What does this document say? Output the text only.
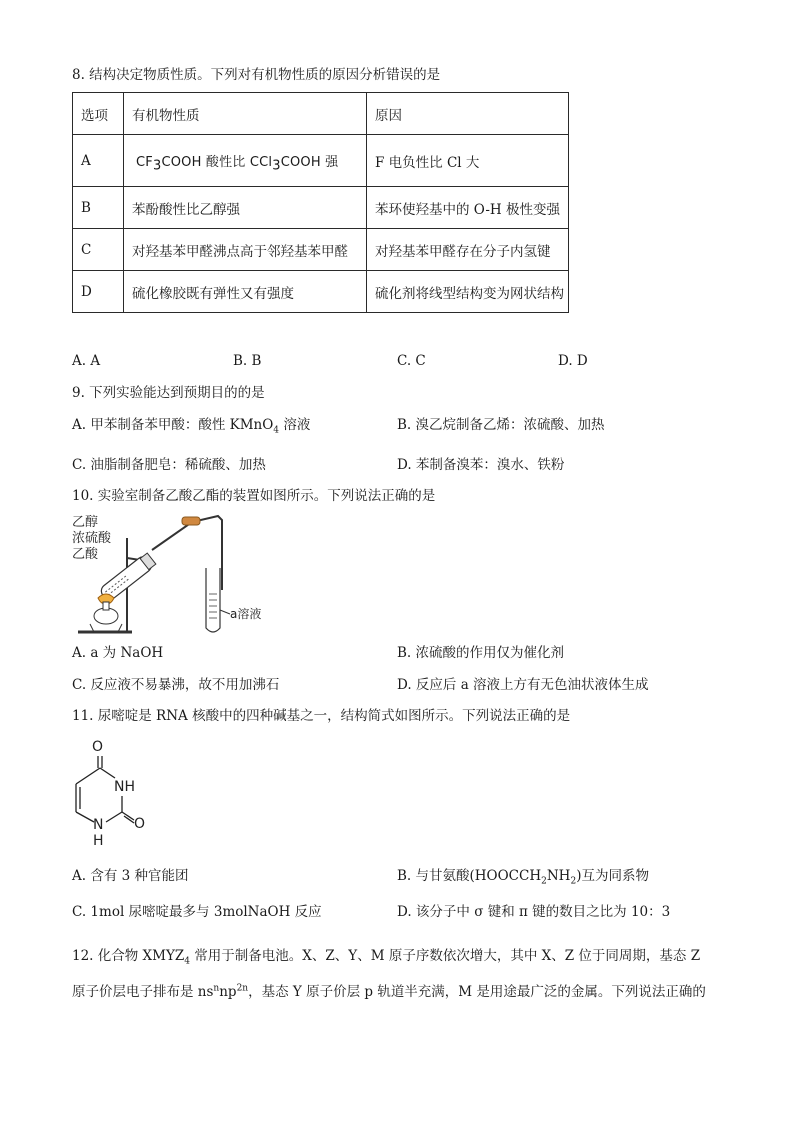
8. 结构决定物质性质。下列对有机物性质的原因分析错误的是
选项	有机物性质	原因
A	$CF_3COOH$ 酸性比 CCl$_3$COOH 强	F 电负性比 Cl 大
B	苯酚酸性比乙醇强	苯环使羟基中的 O-H 极性变强
C	对羟基苯甲醛沸点高于邻羟基苯甲醛	对羟基苯甲醛存在分子内氢键
D	硫化橡胶既有弹性又有强度	硫化剂将线型结构变为网状结构
A. A	B. B	C. C	D. D
9. 下列实验能达到预期目的的是
A. 甲苯制备苯甲酸：酸性 KMnO$_4$ 溶液	B. 溴乙烷制备乙烯：浓硫酸、加热
C. 油脂制备肥皂：稀硫酸、加热	D. 苯制备溴苯：溴水、铁粉
10. 实验室制备乙酸乙酯的装置如图所示。下列说法正确的是
乙醇
浓硫酸
乙酸
a溶液
A. a 为 NaOH	B. 浓硫酸的作用仅为催化剂
C. 反应液不易暴沸，故不用加沸石	D. 反应后 a 溶液上方有无色油状液体生成
11. 尿嘧啶是 RNA 核酸中的四种碱基之一，结构简式如图所示。下列说法正确的是
O
NH
O
N
H
A. 含有 3 种官能团	B. 与甘氨酸$(HOOCCH_2NH_2)$互为同系物
C. 1mol 尿嘧啶最多与 3molNaOH 反应	D. 该分子中 σ 键和 π 键的数目之比为 10：3
12. 化合物 $XMYZ_4$ 常用于制备电池。X、Z、Y、M 原子序数依次增大，其中 X、Z 位于同周期，基态 Z
原子价层电子排布是 $ns^nnp^{2n}$，基态 Y 原子价层 p 轨道半充满，M 是用途最广泛的金属。下列说法正确的
